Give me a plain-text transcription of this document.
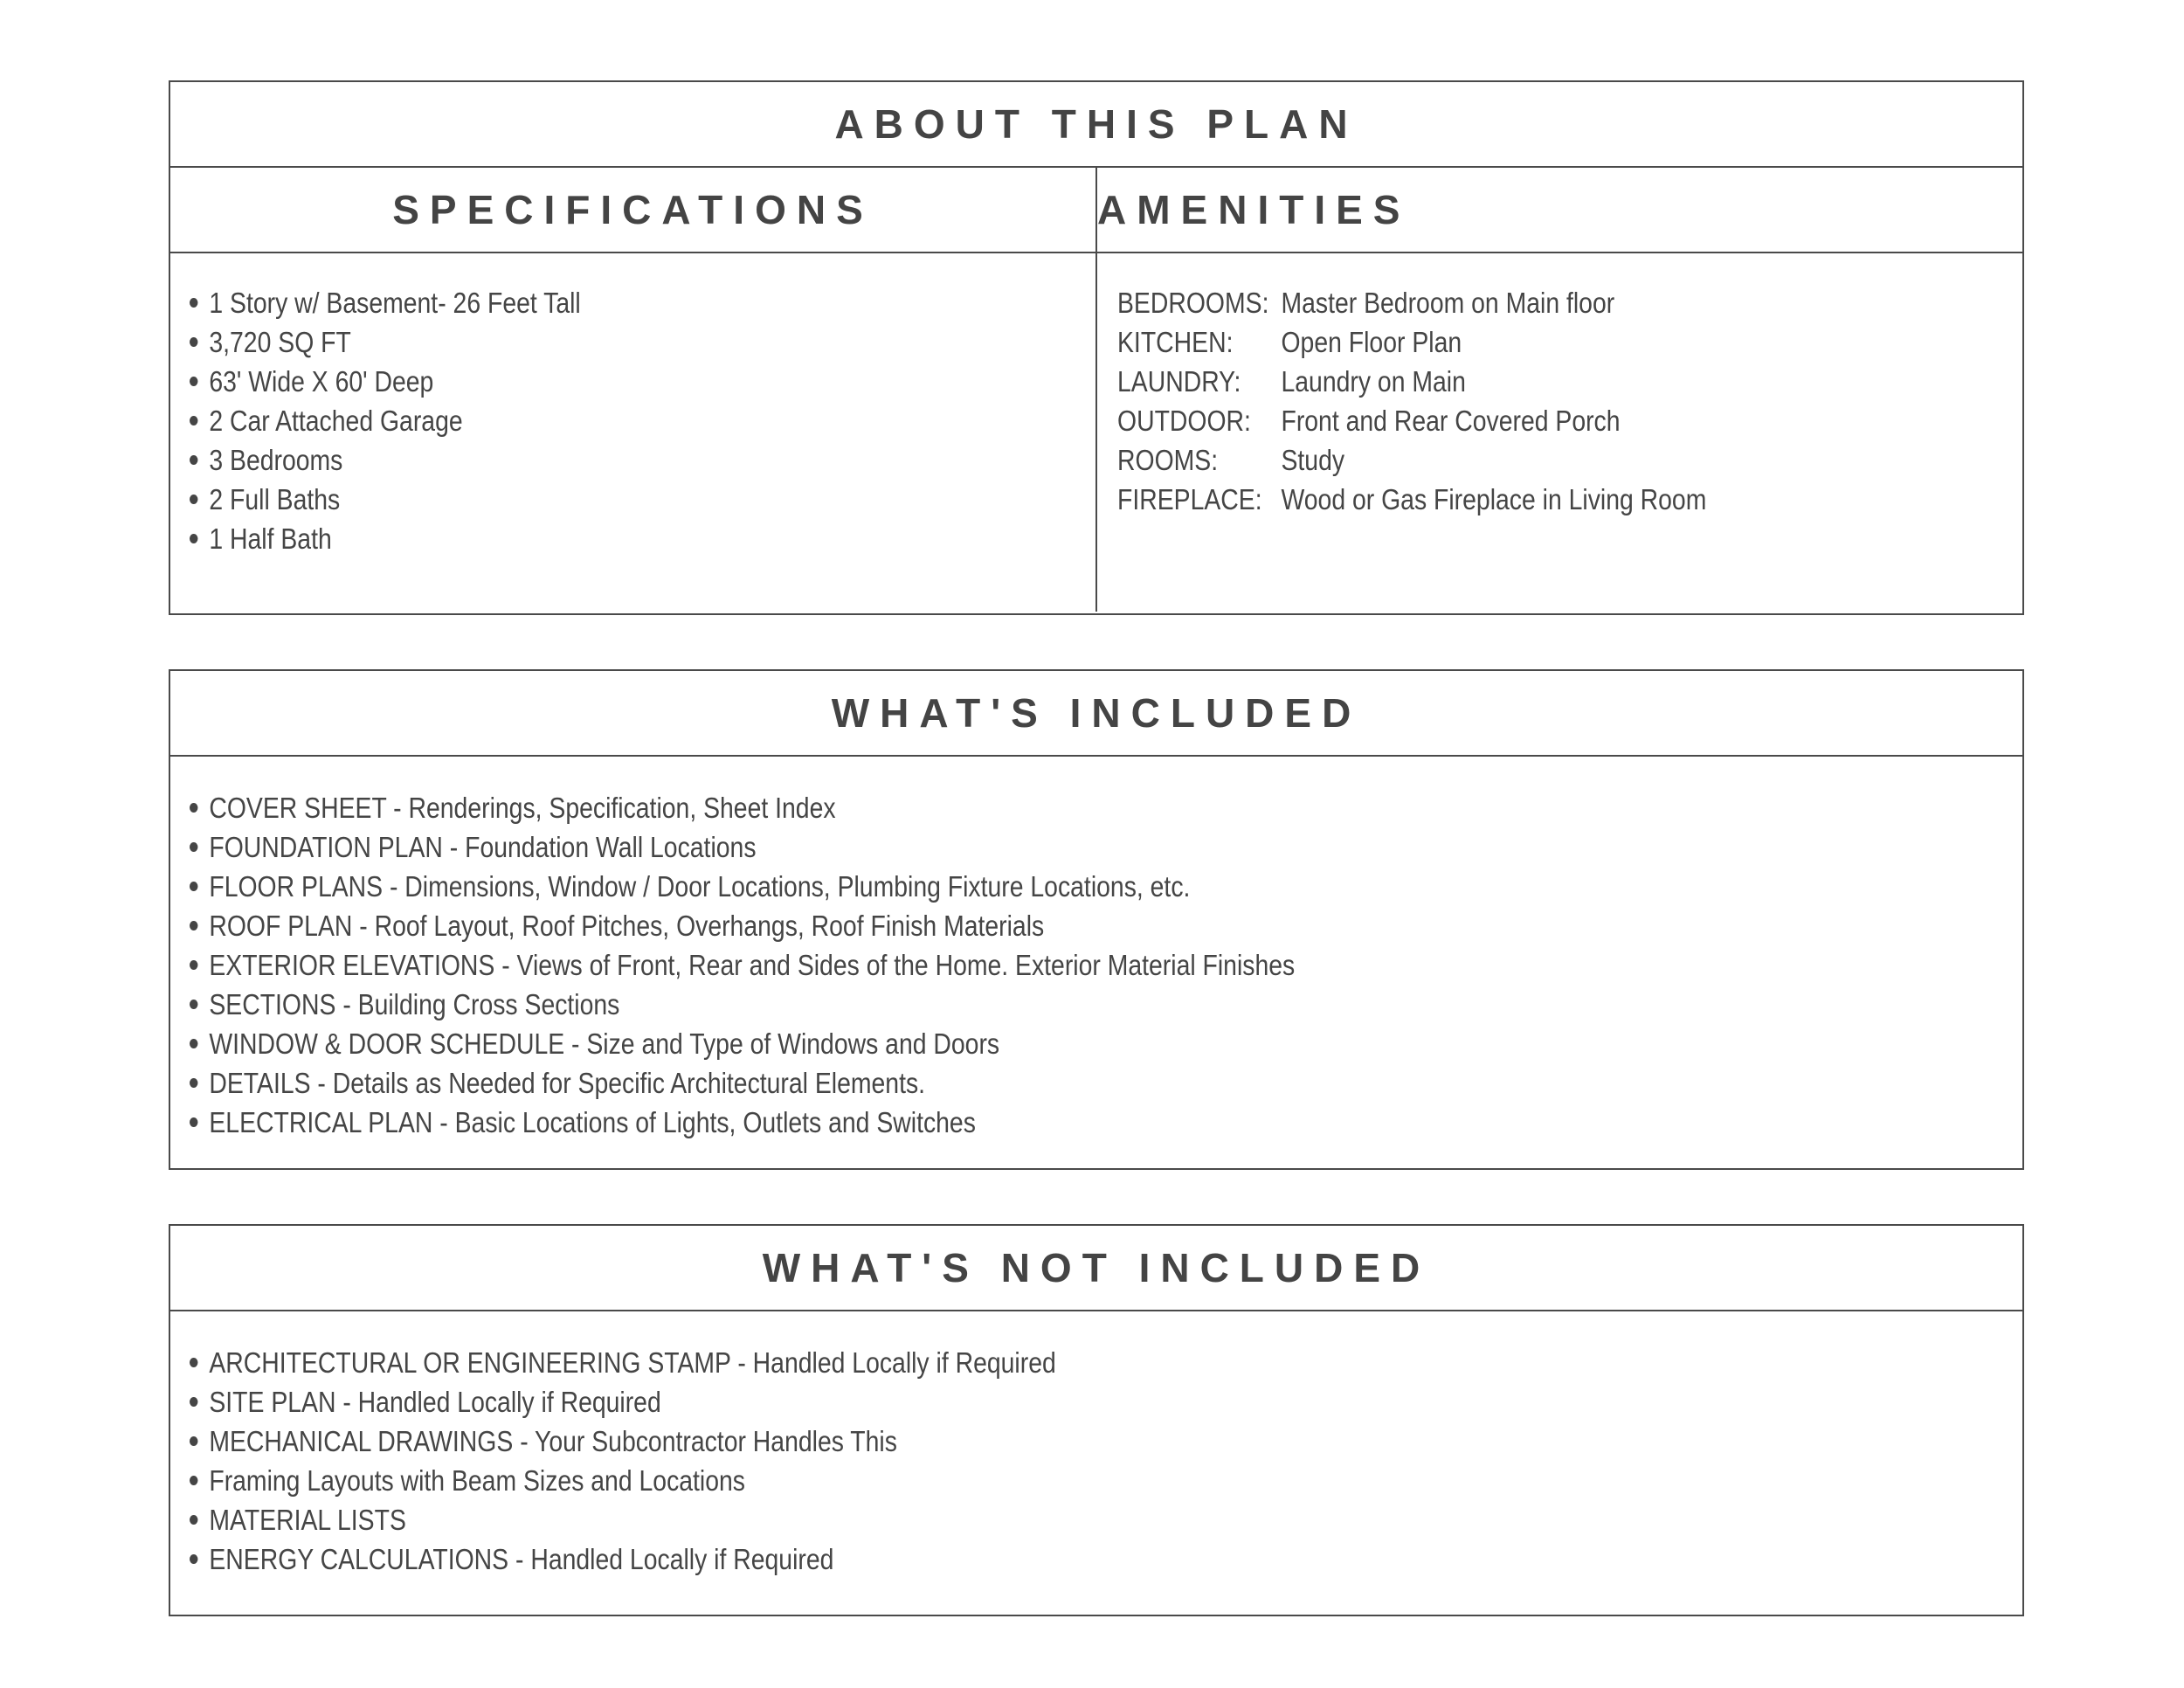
ABOUT THIS PLAN
SPECIFICATIONS	AMENITIES
1 Story w/ Basement- 26 Feet Tall
3,720 SQ FT
63' Wide X 60' Deep
2 Car Attached Garage
3 Bedrooms
2 Full Baths
1 Half Bath
BEDROOMS: Master Bedroom on Main floor
KITCHEN:	Open Floor Plan
LAUNDRY:	Laundry on Main
OUTDOOR:	Front and Rear Covered Porch
ROOMS:	Study
FIREPLACE: Wood or Gas Fireplace in Living Room
WHAT'S INCLUDED
COVER SHEET - Renderings, Specification, Sheet Index
FOUNDATION PLAN - Foundation Wall Locations
FLOOR PLANS - Dimensions, Window / Door Locations, Plumbing Fixture Locations, etc.
ROOF PLAN - Roof Layout, Roof Pitches, Overhangs, Roof Finish Materials
EXTERIOR ELEVATIONS - Views of Front, Rear and Sides of the Home. Exterior Material Finishes
SECTIONS - Building Cross Sections
WINDOW & DOOR SCHEDULE - Size and Type of Windows and Doors
DETAILS - Details as Needed for Specific Architectural Elements.
ELECTRICAL PLAN - Basic Locations of Lights, Outlets and Switches
WHAT'S NOT INCLUDED
ARCHITECTURAL OR ENGINEERING STAMP - Handled Locally if Required
SITE PLAN - Handled Locally if Required
MECHANICAL DRAWINGS - Your Subcontractor Handles This
Framing Layouts with Beam Sizes and Locations
MATERIAL LISTS
ENERGY CALCULATIONS - Handled Locally if Required
